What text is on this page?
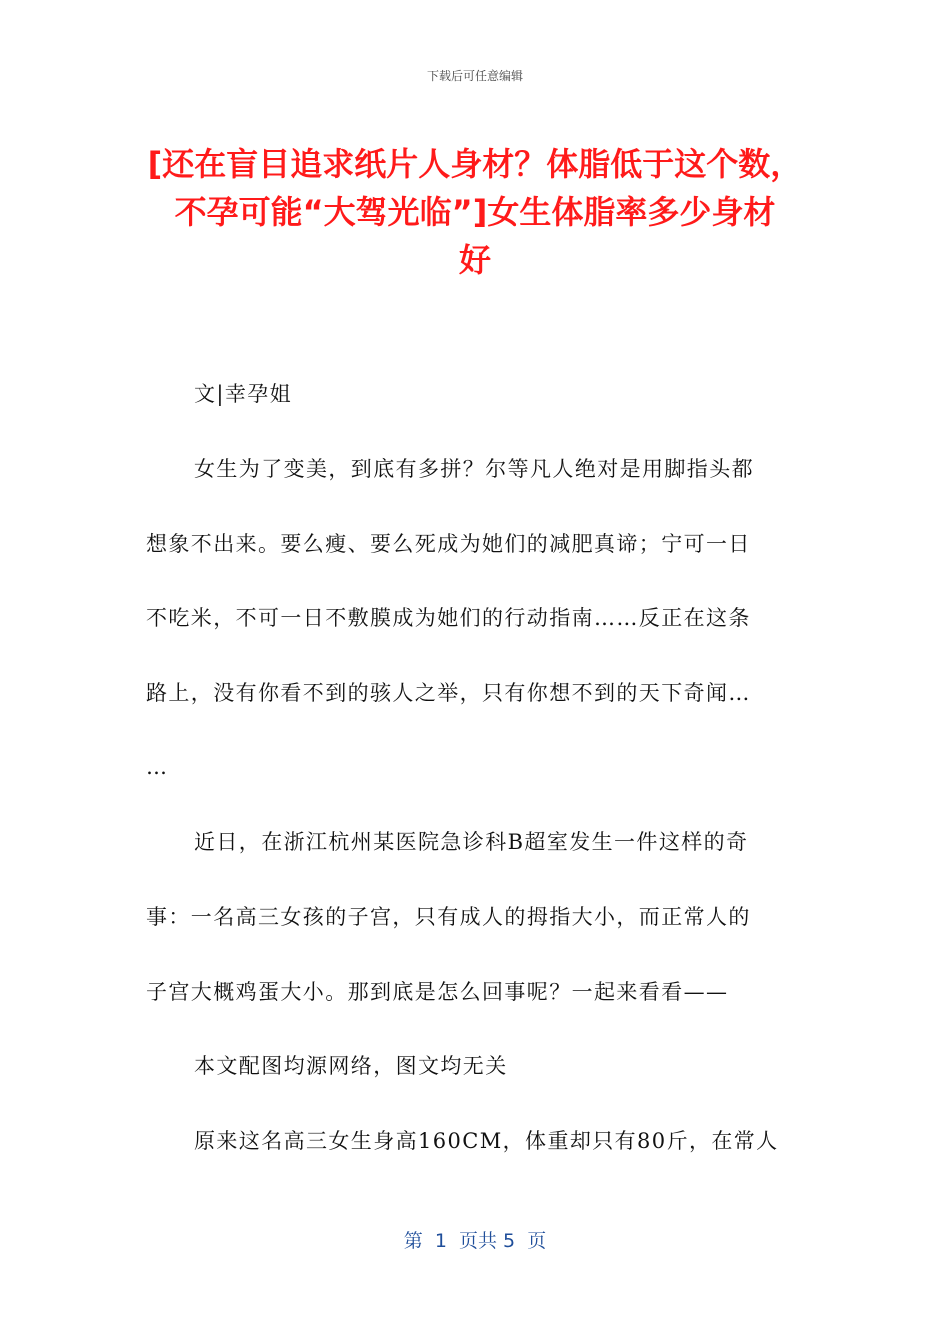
下载后可任意编辑
[还在盲目追求纸片人身材？体脂低于这个数，
不孕可能“大驾光临”]女生体脂率多少身材
好
文|幸孕姐
女生为了变美，到底有多拼？尔等凡人绝对是用脚指头都
想象不出来。要么瘦、要么死成为她们的减肥真谛；宁可一日
不吃米，不可一日不敷膜成为她们的行动指南……反正在这条
路上，没有你看不到的骇人之举，只有你想不到的天下奇闻…
…
近日，在浙江杭州某医院急诊科B超室发生一件这样的奇
事：一名高三女孩的子宫，只有成人的拇指大小，而正常人的
子宫大概鸡蛋大小。那到底是怎么回事呢？一起来看看——
本文配图均源网络，图文均无关
原来这名高三女生身高160CM，体重却只有80斤，在常人
第  1  页共 5  页
